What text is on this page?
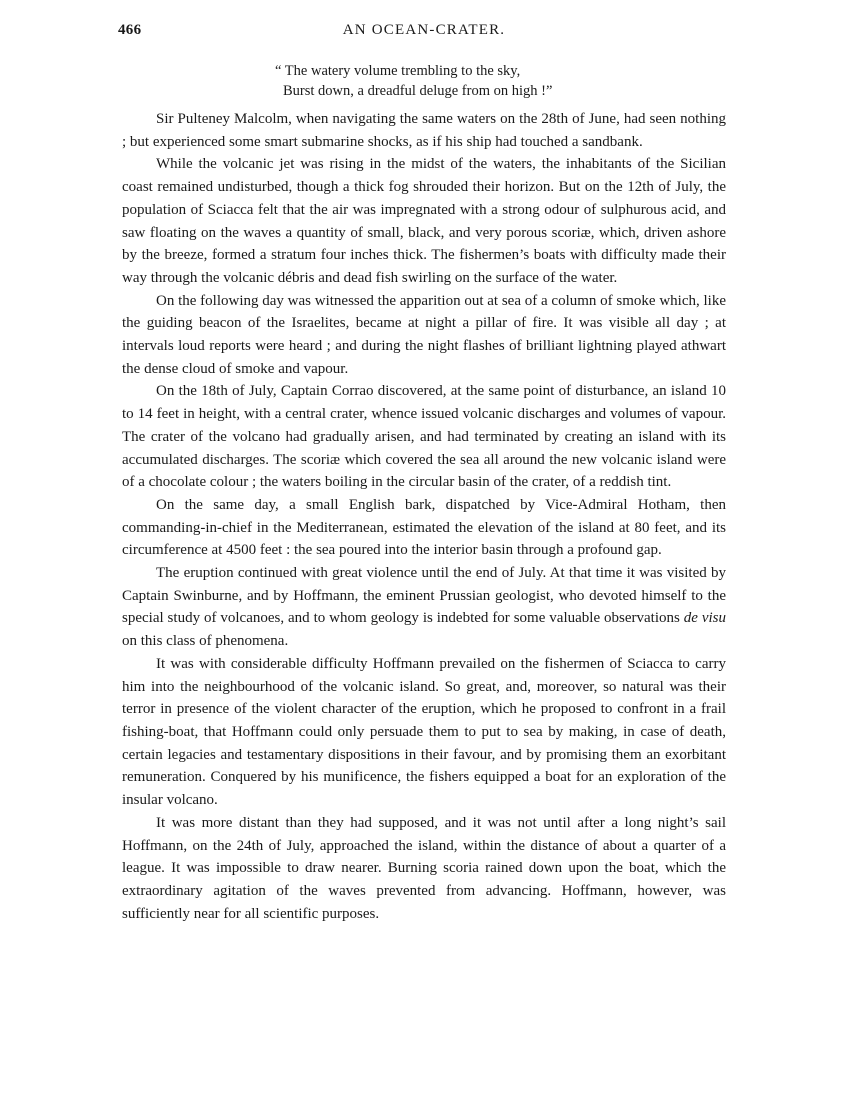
466	AN OCEAN-CRATER.
“ The watery volume trembling to the sky,
Burst down, a dreadful deluge from on high !”

Sir Pulteney Malcolm, when navigating the same waters on the 28th of June, had seen nothing ; but experienced some smart submarine shocks, as if his ship had touched a sandbank.

While the volcanic jet was rising in the midst of the waters, the inhabitants of the Sicilian coast remained undisturbed, though a thick fog shrouded their horizon. But on the 12th of July, the population of Sciacca felt that the air was impregnated with a strong odour of sulphurous acid, and saw floating on the waves a quantity of small, black, and very porous scoriæ, which, driven ashore by the breeze, formed a stratum four inches thick. The fishermen’s boats with difficulty made their way through the volcanic débris and dead fish swirling on the surface of the water.

On the following day was witnessed the apparition out at sea of a column of smoke which, like the guiding beacon of the Israelites, became at night a pillar of fire. It was visible all day ; at intervals loud reports were heard ; and during the night flashes of brilliant lightning played athwart the dense cloud of smoke and vapour.

On the 18th of July, Captain Corrao discovered, at the same point of disturbance, an island 10 to 14 feet in height, with a central crater, whence issued volcanic discharges and volumes of vapour. The crater of the volcano had gradually arisen, and had terminated by creating an island with its accumulated discharges. The scoriæ which covered the sea all around the new volcanic island were of a chocolate colour ; the waters boiling in the circular basin of the crater, of a reddish tint.

On the same day, a small English bark, dispatched by Vice-Admiral Hotham, then commanding-in-chief in the Mediterranean, estimated the elevation of the island at 80 feet, and its circumference at 4500 feet : the sea poured into the interior basin through a profound gap.

The eruption continued with great violence until the end of July. At that time it was visited by Captain Swinburne, and by Hoffmann, the eminent Prussian geologist, who devoted himself to the special study of volcanoes, and to whom geology is indebted for some valuable observations de visu on this class of phenomena.

It was with considerable difficulty Hoffmann prevailed on the fishermen of Sciacca to carry him into the neighbourhood of the volcanic island. So great, and, moreover, so natural was their terror in presence of the violent character of the eruption, which he proposed to confront in a frail fishing-boat, that Hoffmann could only persuade them to put to sea by making, in case of death, certain legacies and testamentary dispositions in their favour, and by promising them an exorbitant remuneration. Conquered by his munificence, the fishers equipped a boat for an exploration of the insular volcano.

It was more distant than they had supposed, and it was not until after a long night’s sail Hoffmann, on the 24th of July, approached the island, within the distance of about a quarter of a league. It was impossible to draw nearer. Burning scoria rained down upon the boat, which the extraordinary agitation of the waves prevented from advancing. Hoffmann, however, was sufficiently near for all scientific purposes.
